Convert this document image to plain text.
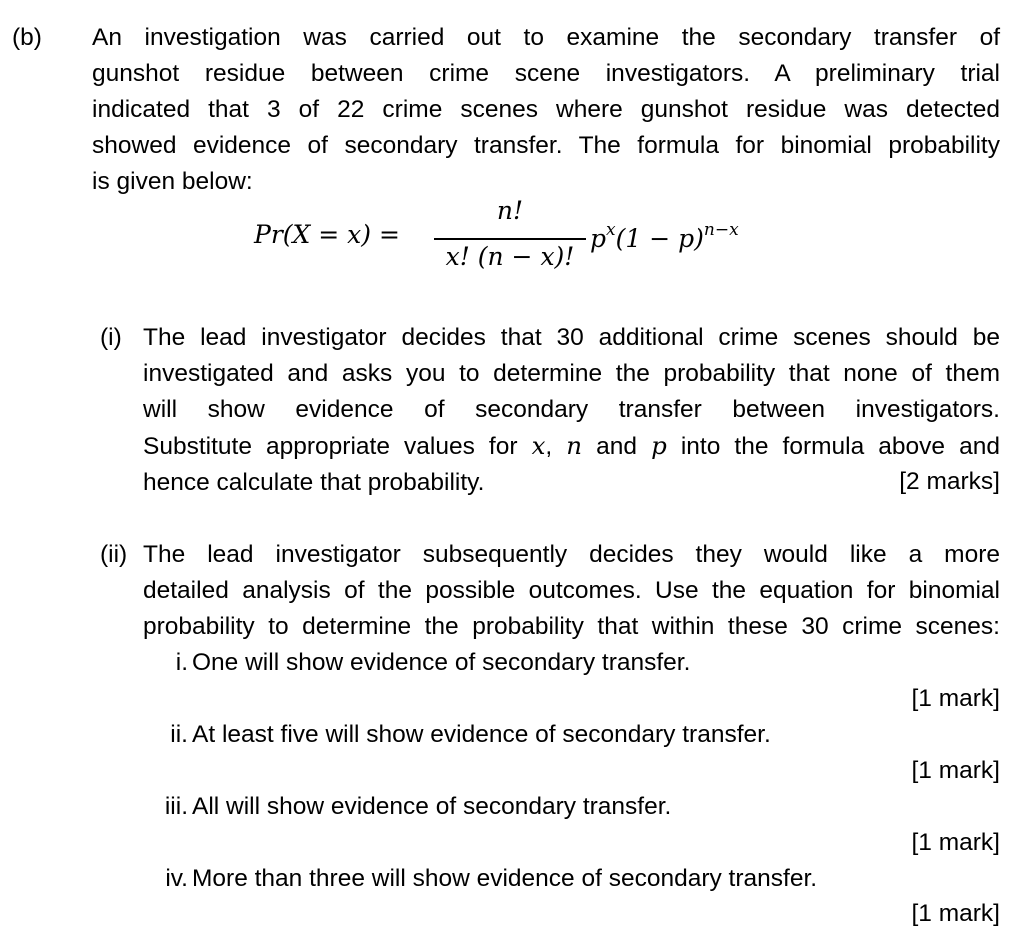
(b) An investigation was carried out to examine the secondary transfer of
gunshot residue between crime scene investigators. A preliminary trial
indicated that 3 of 22 crime scenes where gunshot residue was detected
showed evidence of secondary transfer. The formula for binomial probability
is given below:
Pr(X = x) =
n!
x! (n − x)!
$p^x(1 - p)^{n-x}$
(i) The lead investigator decides that 30 additional crime scenes should be
investigated and asks you to determine the probability that none of them
will show evidence of secondary transfer between investigators.
Substitute appropriate values for x, n and p into the formula above and
hence calculate that probability.	[2 marks]
(ii) The lead investigator subsequently decides they would like a more
detailed analysis of the possible outcomes. Use the equation for binomial
probability to determine the probability that within these 30 crime scenes:
i. One will show evidence of secondary transfer.
[1 mark]
ii. At least five will show evidence of secondary transfer.
[1 mark]
iii. All will show evidence of secondary transfer.
[1 mark]
iv. More than three will show evidence of secondary transfer.
[1 mark]
